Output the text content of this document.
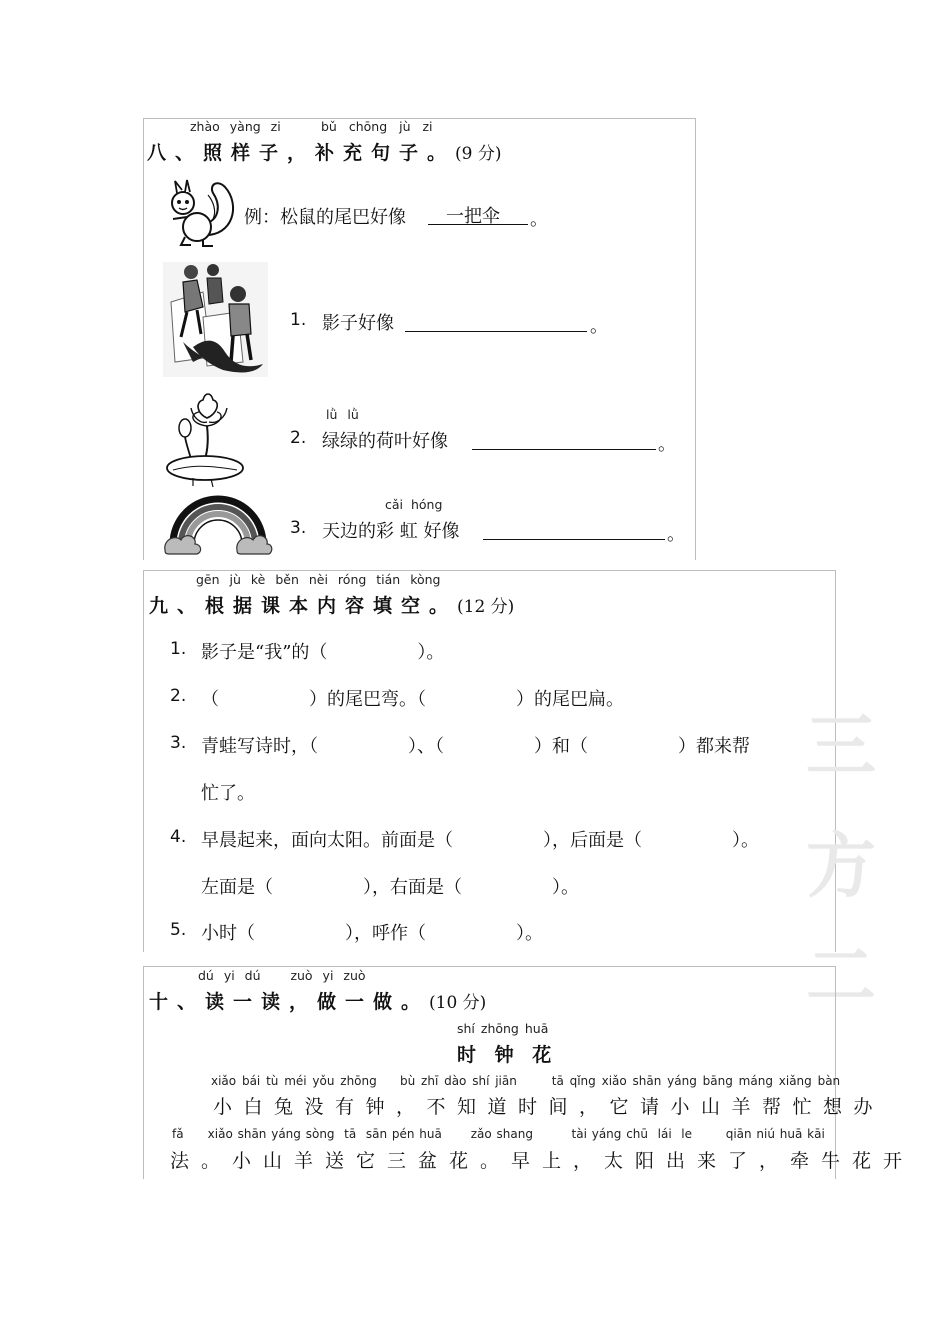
zhào yàng zi	bǔ chōng jù zi
八、照样子，补充句子。(9 分)
例：松鼠的尾巴好像 一把伞 。
1. 影子好像	。
lǜ lǜ
2. 绿绿的荷叶好像	。
cǎi hóng
3. 天边的彩 虹 好像	。
三
方
二
gēn jù kè běn nèi róng tián kòng
九、根据课本内容填空。(12 分)
1. 影子是“我”的（　　　　　）。
2. （　　　　　）的尾巴弯。（　　　　　）的尾巴扁。
3. 青蛙写诗时，（　　　　　）、（　　　　　）和（　　　　　）都来帮
忙了。
4. 早晨起来，面向太阳。前面是（　　　　　），后面是（　　　　　）。
左面是（　　　　　），右面是（　　　　　）。
5. 小时（　　　　　），呼作（　　　　　）。
dú yi dú   zuò yi zuò
十、读一读，做一做。(10 分)
shí zhōng huā
时 钟 花
xiǎo bái tù méi yǒu zhōng    bù zhī dào shí jiān      tā qǐng xiǎo shān yáng bāng máng xiǎng bàn
小白兔没有钟，不知道时间，它请小山羊帮忙想办
fǎ     xiǎo shān yáng sòng  tā  sān pén huā      zǎo shang        tài yáng chū  lái  le       qiān niú huā kāi
法。小山羊送它三盆花。早上，太阳出来了，牵牛花开
